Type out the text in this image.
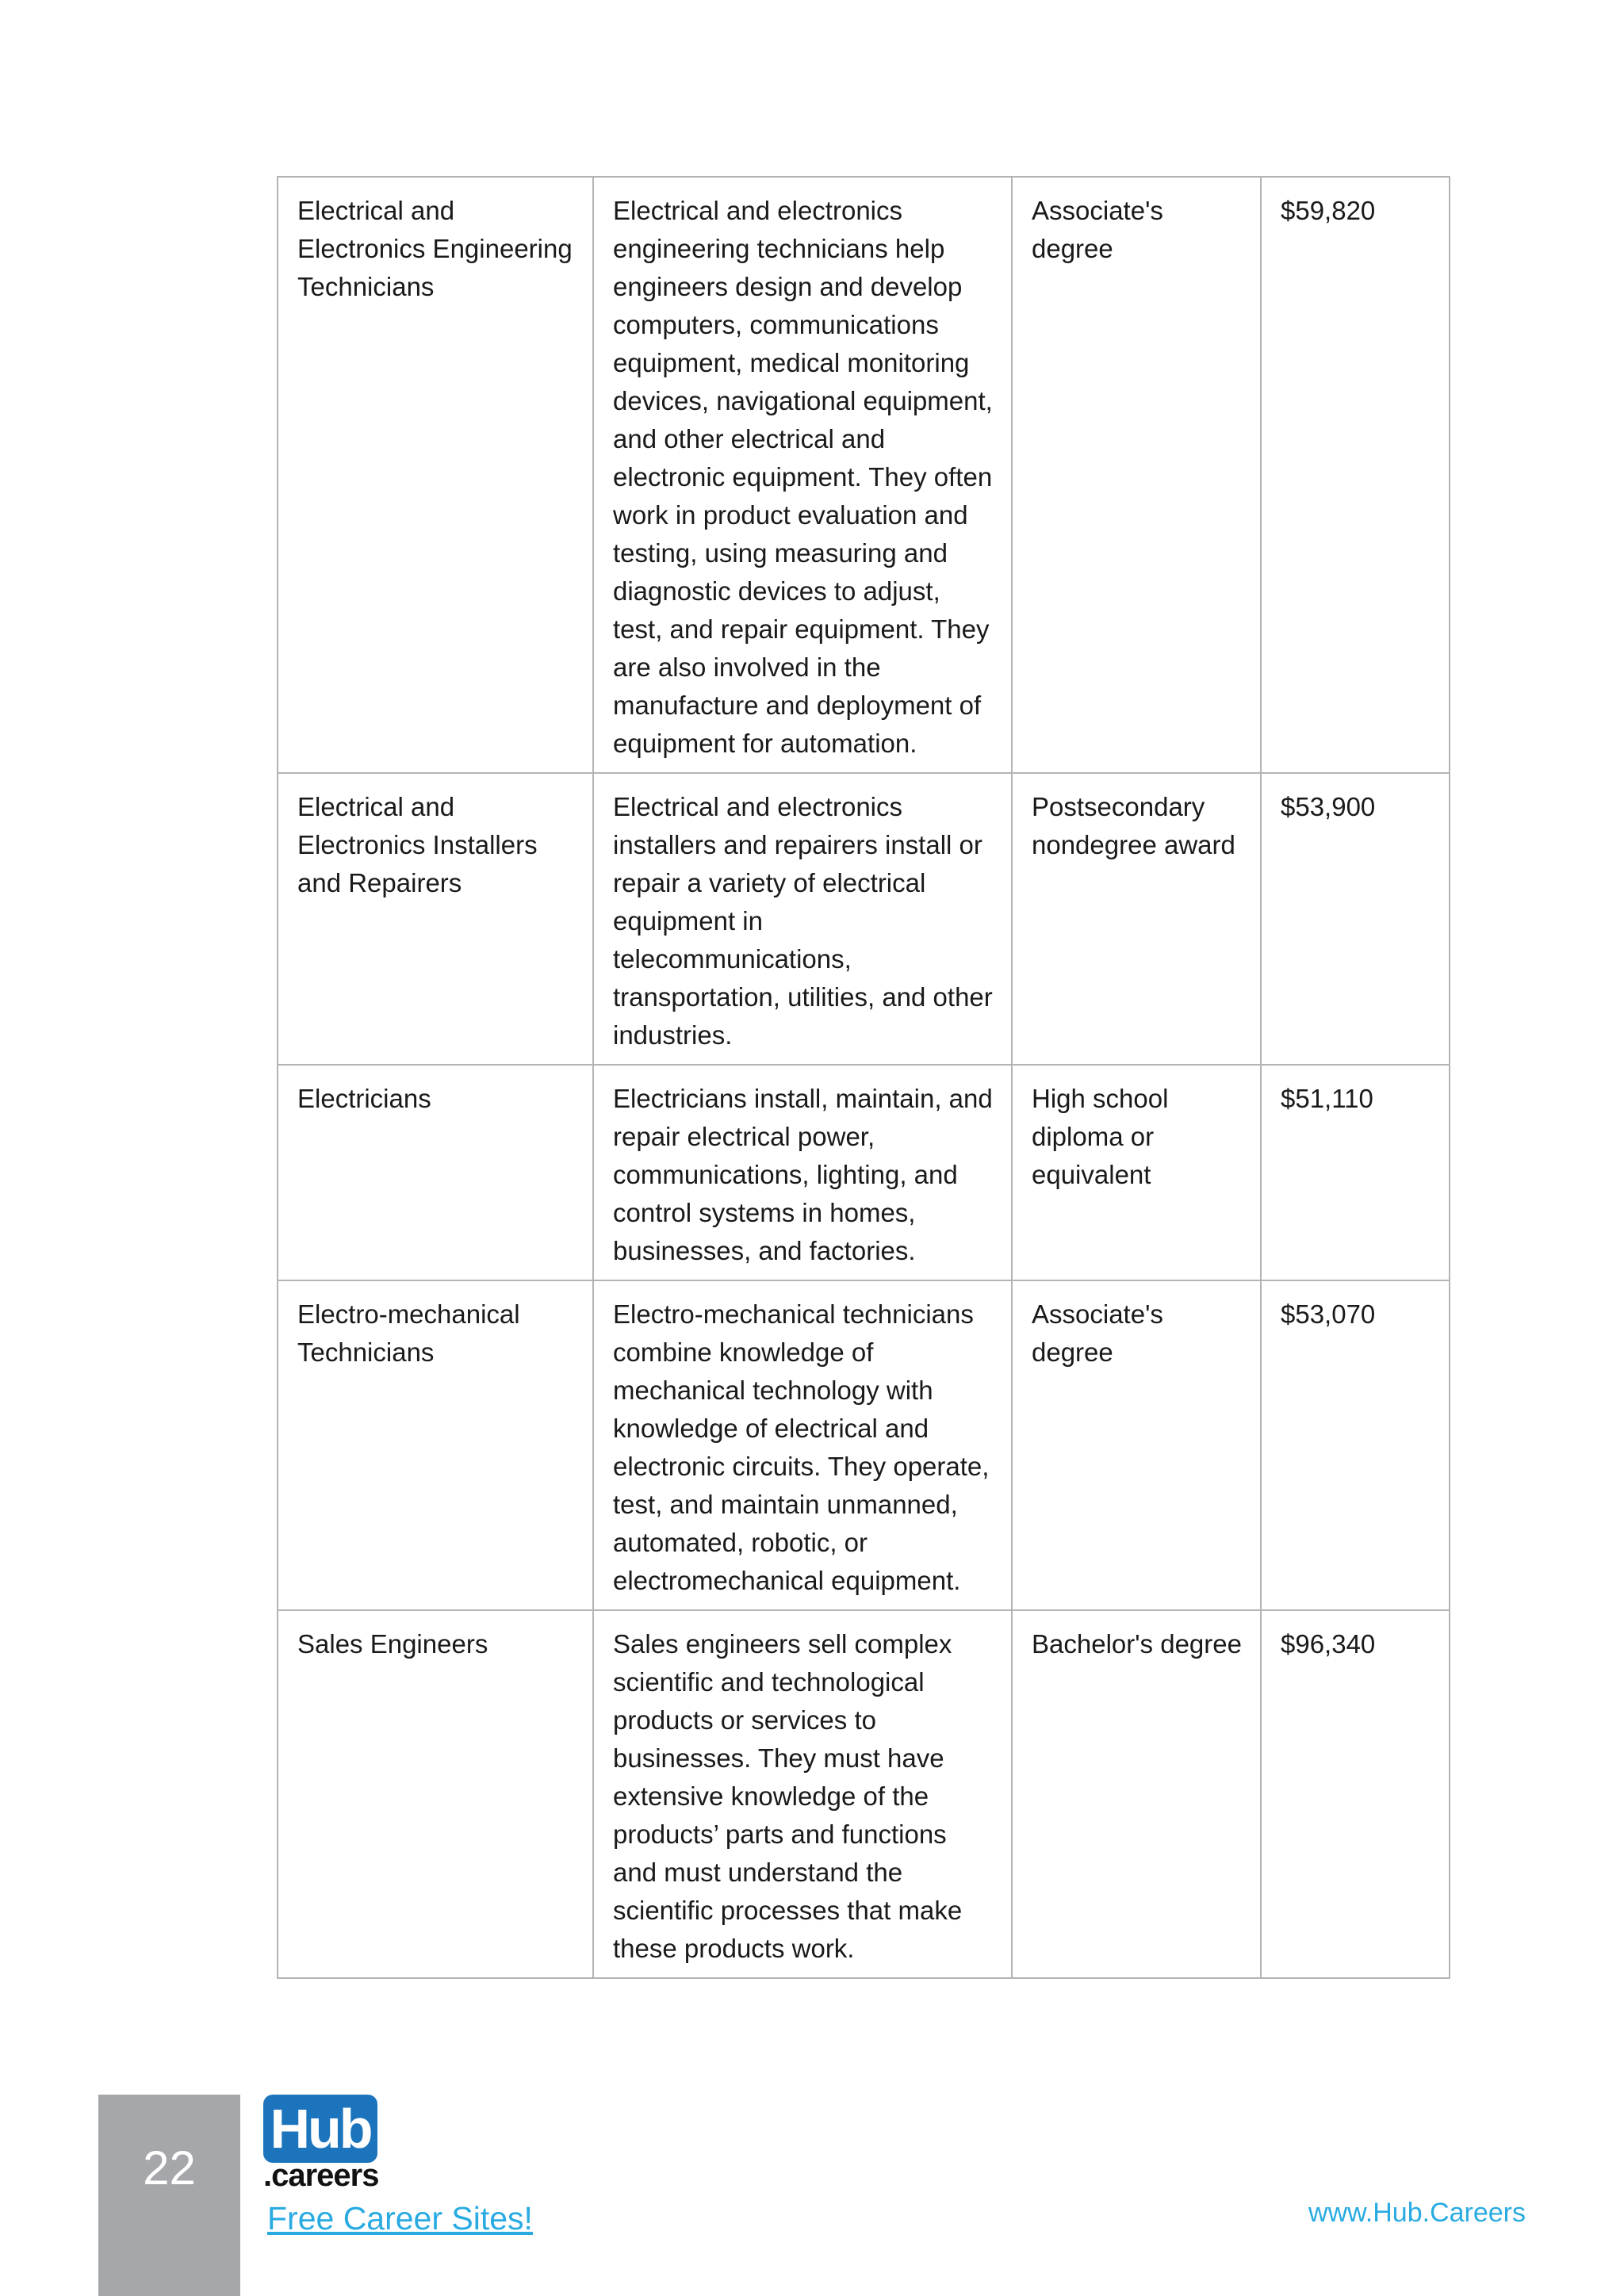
Electrical and Electronics Engineering Technicians	Electrical and electronics engineering technicians help engineers design and develop computers, communications equipment, medical monitoring devices, navigational equipment, and other electrical and electronic equipment. They often work in product evaluation and testing, using measuring and diagnostic devices to adjust, test, and repair equipment. They are also involved in the manufacture and deployment of equipment for automation.	Associate's degree	$59,820
Electrical and Electronics Installers and Repairers	Electrical and electronics installers and repairers install or repair a variety of electrical equipment in telecommunications, transportation, utilities, and other industries.	Postsecondary nondegree award	$53,900
Electricians	Electricians install, maintain, and repair electrical power, communications, lighting, and control systems in homes, businesses, and factories.	High school diploma or equivalent	$51,110
Electro-mechanical Technicians	Electro-mechanical technicians combine knowledge of mechanical technology with knowledge of electrical and electronic circuits. They operate, test, and maintain unmanned, automated, robotic, or electromechanical equipment.	Associate's degree	$53,070
Sales Engineers	Sales engineers sell complex scientific and technological products or services to businesses. They must have extensive knowledge of the products’ parts and functions and must understand the scientific processes that make these products work.	Bachelor's degree	$96,340
22
Hub
.careers
Free Career Sites!	www.Hub.Careers
